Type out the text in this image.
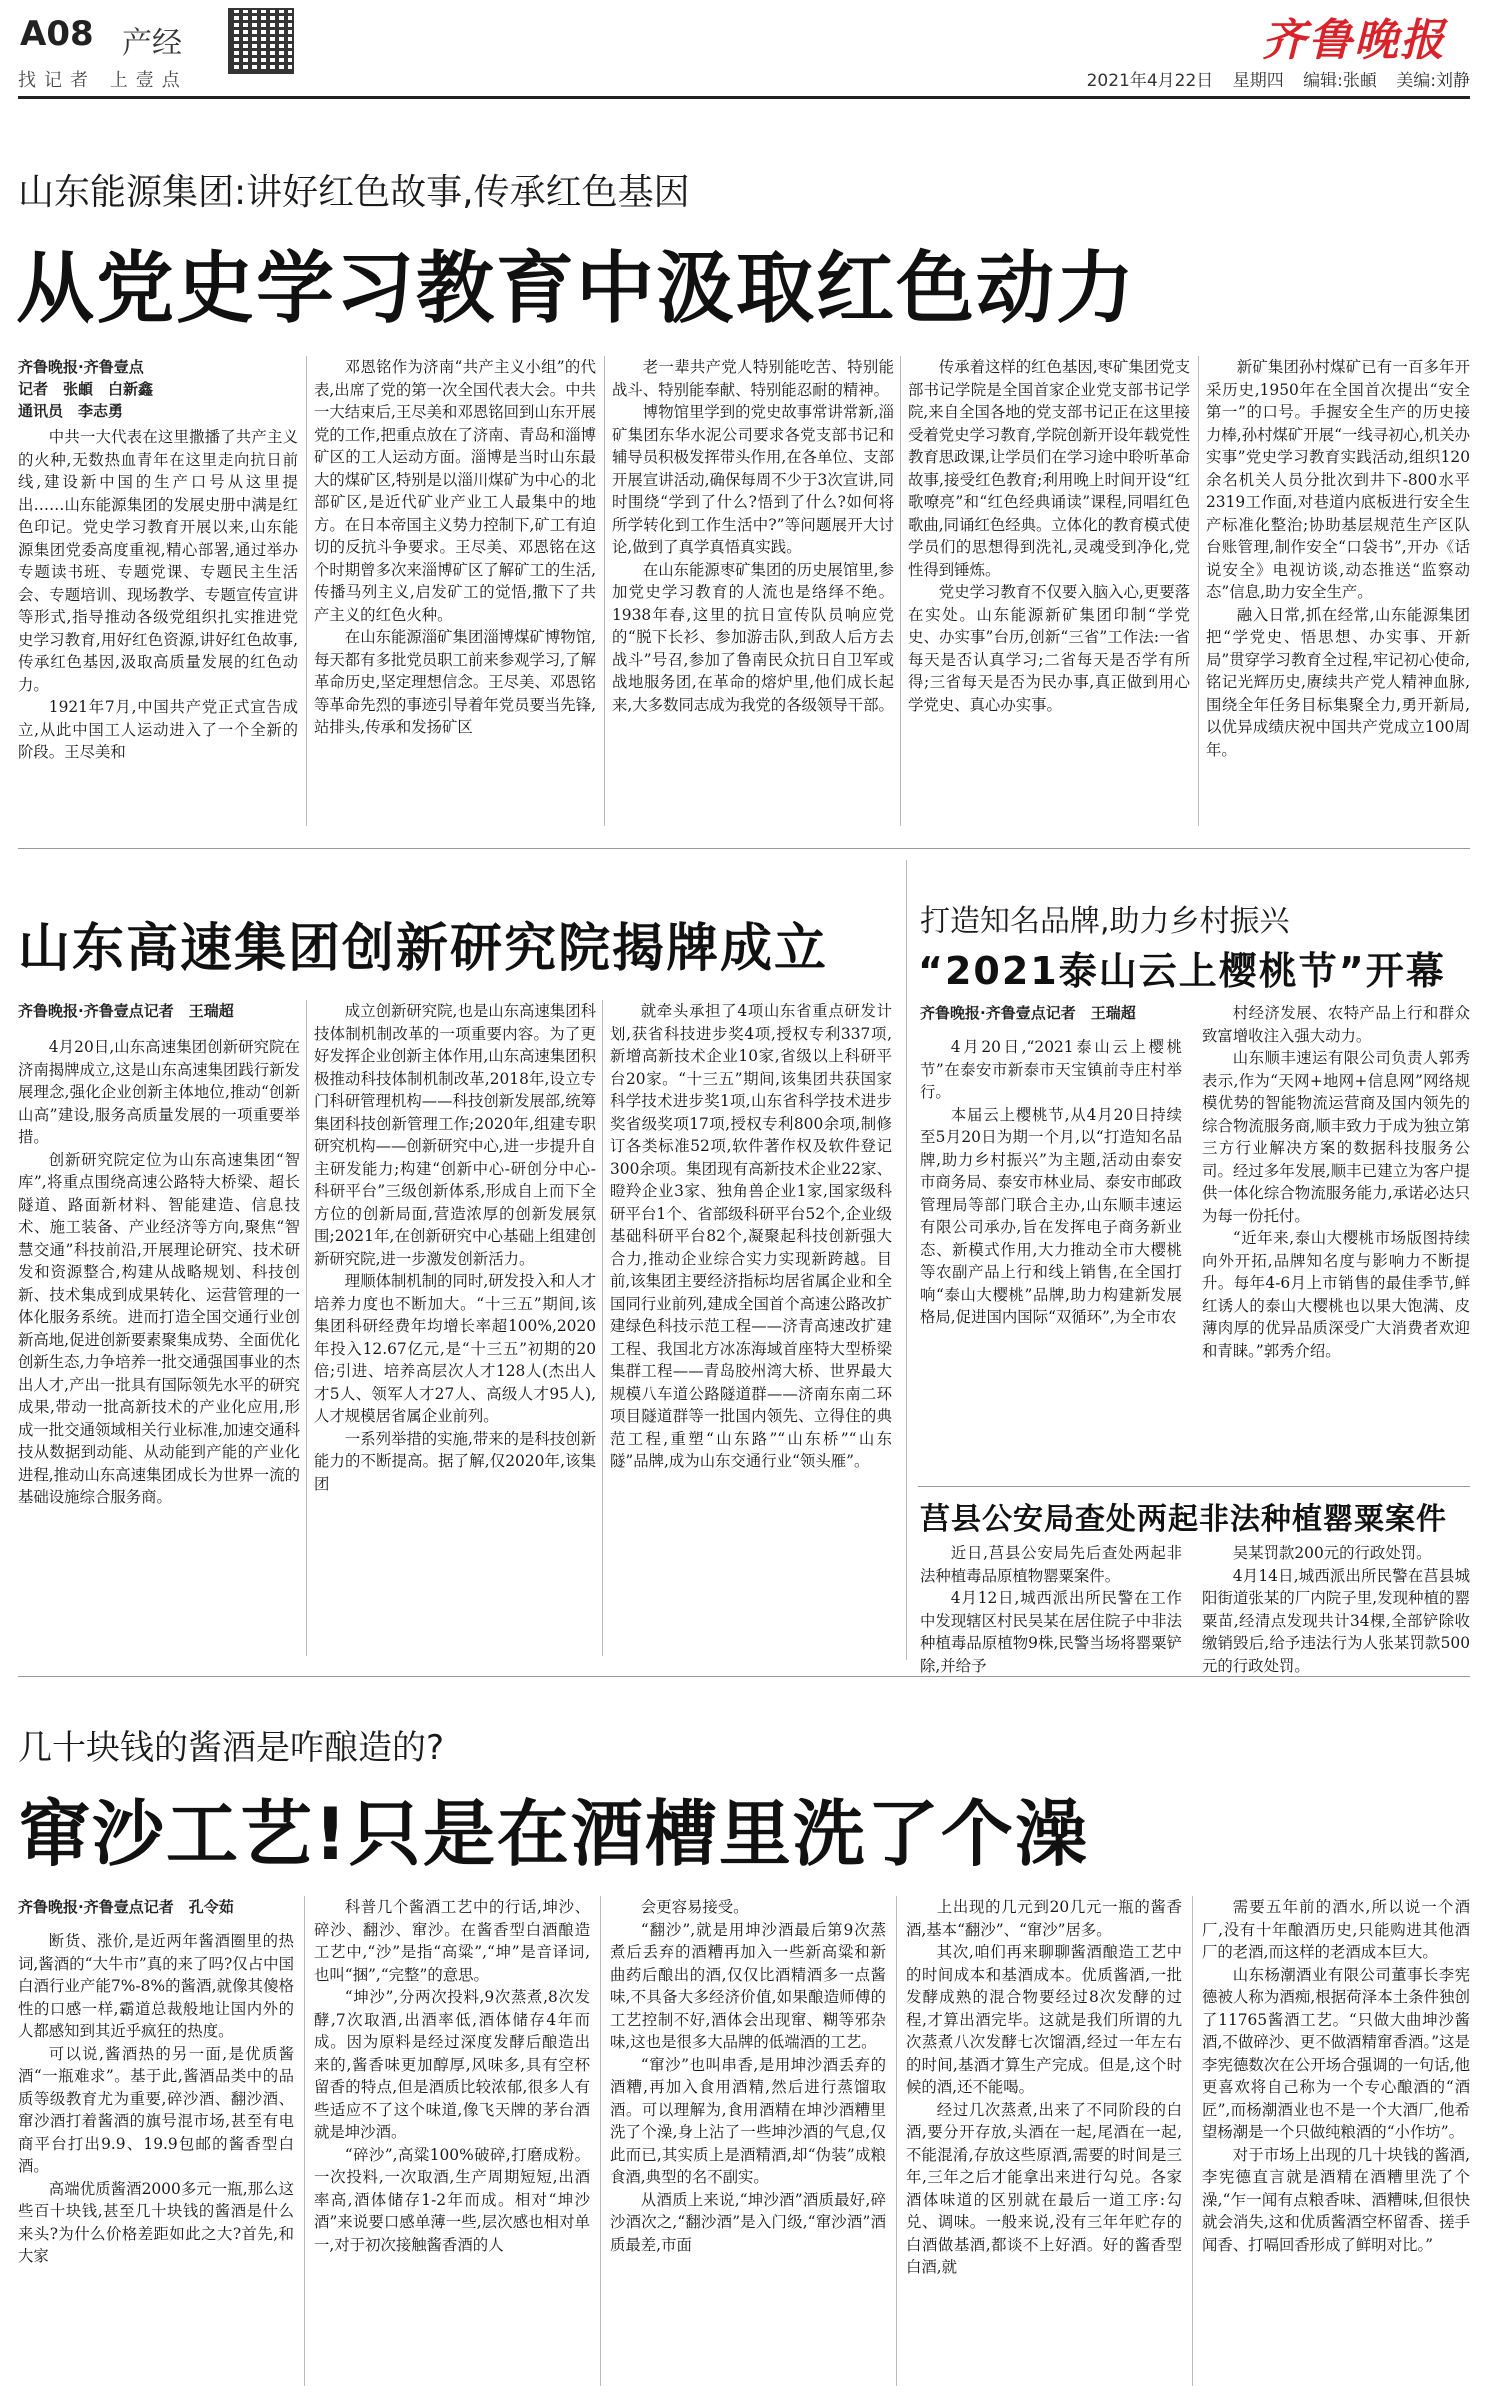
A08 产经
找记者 上壹点
齐鲁晚报
2021年4月22日 星期四 编辑:张頔 美编:刘静
山东能源集团:讲好红色故事,传承红色基因
从党史学习教育中汲取红色动力
齐鲁晚报·齐鲁壹点
记者　张頔　白新鑫
通讯员　李志勇

中共一大代表在这里撒播了共产主义的火种,无数热血青年在这里走向抗日前线,建设新中国的生产口号从这里提出……山东能源集团的发展史册中满是红色印记。党史学习教育开展以来,山东能源集团党委高度重视,精心部署,通过举办专题读书班、专题党课、专题民主生活会、专题培训、现场教学、专题宣传宣讲等形式,指导推动各级党组织扎实推进党史学习教育,用好红色资源,讲好红色故事,传承红色基因,汲取高质量发展的红色动力。

1921年7月,中国共产党正式宣告成立,从此中国工人运动进入了一个全新的阶段。王尽美和

邓恩铭作为济南“共产主义小组”的代表,出席了党的第一次全国代表大会。中共一大结束后,王尽美和邓恩铭回到山东开展党的工作,把重点放在了济南、青岛和淄博矿区的工人运动方面。淄博是当时山东最大的煤矿区,特别是以淄川煤矿为中心的北部矿区,是近代矿业产业工人最集中的地方。在日本帝国主义势力控制下,矿工有迫切的反抗斗争要求。王尽美、邓恩铭在这个时期曾多次来淄博矿区了解矿工的生活,传播马列主义,启发矿工的觉悟,撒下了共产主义的红色火种。

在山东能源淄矿集团淄博煤矿博物馆,每天都有多批党员职工前来参观学习,了解革命历史,坚定理想信念。王尽美、邓恩铭等革命先烈的事迹引导着年党员要当先锋,站排头,传承和发扬矿区

老一辈共产党人特别能吃苦、特别能战斗、特别能奉献、特别能忍耐的精神。

博物馆里学到的党史故事常讲常新,淄矿集团东华水泥公司要求各党支部书记和辅导员积极发挥带头作用,在各单位、支部开展宣讲活动,确保每周不少于3次宣讲,同时围绕“学到了什么?悟到了什么?如何将所学转化到工作生活中?”等问题展开大讨论,做到了真学真悟真实践。

在山东能源枣矿集团的历史展馆里,参加党史学习教育的人流也是络绎不绝。1938年春,这里的抗日宣传队员响应党的“脱下长衫、参加游击队,到敌人后方去战斗”号召,参加了鲁南民众抗日自卫军或战地服务团,在革命的熔炉里,他们成长起来,大多数同志成为我党的各级领导干部。

传承着这样的红色基因,枣矿集团党支部书记学院是全国首家企业党支部书记学院,来自全国各地的党支部书记正在这里接受着党史学习教育,学院创新开设年载党性教育思政课,让学员们在学习途中聆听革命故事,接受红色教育;利用晚上时间开设“红歌嘹亮”和“红色经典诵读”课程,同唱红色歌曲,同诵红色经典。立体化的教育模式使学员们的思想得到洗礼,灵魂受到净化,党性得到锤炼。

党史学习教育不仅要入脑入心,更要落在实处。山东能源新矿集团印制“学党史、办实事”台历,创新“三省”工作法:一省每天是否认真学习;二省每天是否学有所得;三省每天是否为民办事,真正做到用心学党史、真心办实事。

新矿集团孙村煤矿已有一百多年开采历史,1950年在全国首次提出“安全第一”的口号。手握安全生产的历史接力棒,孙村煤矿开展“一线寻初心,机关办实事”党史学习教育实践活动,组织120余名机关人员分批次到井下-800水平2319工作面,对巷道内底板进行安全生产标准化整治;协助基层规范生产区队台账管理,制作安全“口袋书”,开办《话说安全》电视访谈,动态推送“监察动态”信息,助力安全生产。

融入日常,抓在经常,山东能源集团把“学党史、悟思想、办实事、开新局”贯穿学习教育全过程,牢记初心使命,铭记光辉历史,赓续共产党人精神血脉,围绕全年任务目标集聚全力,勇开新局,以优异成绩庆祝中国共产党成立100周年。

山东高速集团创新研究院揭牌成立
齐鲁晚报·齐鲁壹点记者　王瑞超

4月20日,山东高速集团创新研究院在济南揭牌成立,这是山东高速集团践行新发展理念,强化企业创新主体地位,推动“创新山高”建设,服务高质量发展的一项重要举措。

创新研究院定位为山东高速集团“智库”,将重点围绕高速公路特大桥梁、超长隧道、路面新材料、智能建造、信息技术、施工装备、产业经济等方向,聚焦“智慧交通”科技前沿,开展理论研究、技术研发和资源整合,构建从战略规划、科技创新、技术集成到成果转化、运营管理的一体化服务系统。进而打造全国交通行业创新高地,促进创新要素聚集成势、全面优化创新生态,力争培养一批交通强国事业的杰出人才,产出一批具有国际领先水平的研究成果,带动一批高新技术的产业化应用,形成一批交通领域相关行业标准,加速交通科技从数据到动能、从动能到产能的产业化进程,推动山东高速集团成长为世界一流的基础设施综合服务商。

成立创新研究院,也是山东高速集团科技体制机制改革的一项重要内容。为了更好发挥企业创新主体作用,山东高速集团积极推动科技体制机制改革,2018年,设立专门科研管理机构——科技创新发展部,统筹集团科技创新管理工作;2020年,组建专职研究机构——创新研究中心,进一步提升自主研发能力;构建“创新中心-研创分中心-科研平台”三级创新体系,形成自上而下全方位的创新局面,营造浓厚的创新发展氛围;2021年,在创新研究中心基础上组建创新研究院,进一步激发创新活力。

理顺体制机制的同时,研发投入和人才培养力度也不断加大。“十三五”期间,该集团科研经费年均增长率超100%,2020年投入12.67亿元,是“十三五”初期的20倍;引进、培养高层次人才128人(杰出人才5人、领军人才27人、高级人才95人),人才规模居省属企业前列。

一系列举措的实施,带来的是科技创新能力的不断提高。据了解,仅2020年,该集团

就牵头承担了4项山东省重点研发计划,获省科技进步奖4项,授权专利337项,新增高新技术企业10家,省级以上科研平台20家。“十三五”期间,该集团共获国家科学技术进步奖1项,山东省科学技术进步奖省级奖项17项,授权专利800余项,制修订各类标准52项,软件著作权及软件登记300余项。集团现有高新技术企业22家、瞪羚企业3家、独角兽企业1家,国家级科研平台1个、省部级科研平台52个,企业级基础科研平台82个,凝聚起科技创新强大合力,推动企业综合实力实现新跨越。目前,该集团主要经济指标均居省属企业和全国同行业前列,建成全国首个高速公路改扩建绿色科技示范工程——济青高速改扩建工程、我国北方冰冻海域首座特大型桥梁集群工程——青岛胶州湾大桥、世界最大规模八车道公路隧道群——济南东南二环项目隧道群等一批国内领先、立得住的典范工程,重塑“山东路”“山东桥”“山东隧”品牌,成为山东交通行业“领头雁”。

打造知名品牌,助力乡村振兴
“2021泰山云上樱桃节”开幕
齐鲁晚报·齐鲁壹点记者　王瑞超

4月20日,“2021泰山云上樱桃节”在泰安市新泰市天宝镇前寺庄村举行。

本届云上樱桃节,从4月20日持续至5月20日为期一个月,以“打造知名品牌,助力乡村振兴”为主题,活动由泰安市商务局、泰安市林业局、泰安市邮政管理局等部门联合主办,山东顺丰速运有限公司承办,旨在发挥电子商务新业态、新模式作用,大力推动全市大樱桃等农副产品上行和线上销售,在全国打响“泰山大樱桃”品牌,助力构建新发展格局,促进国内国际“双循环”,为全市农

村经济发展、农特产品上行和群众致富增收注入强大动力。

山东顺丰速运有限公司负责人郭秀表示,作为“天网+地网+信息网”网络规模优势的智能物流运营商及国内领先的综合物流服务商,顺丰致力于成为独立第三方行业解决方案的数据科技服务公司。经过多年发展,顺丰已建立为客户提供一体化综合物流服务能力,承诺必达只为每一份托付。

“近年来,泰山大樱桃市场版图持续向外开拓,品牌知名度与影响力不断提升。每年4-6月上市销售的最佳季节,鲜红诱人的泰山大樱桃也以果大饱满、皮薄肉厚的优异品质深受广大消费者欢迎和青睐。”郭秀介绍。

莒县公安局查处两起非法种植罂粟案件

近日,莒县公安局先后查处两起非法种植毒品原植物罂粟案件。

4月12日,城西派出所民警在工作中发现辖区村民吴某在居住院子中非法种植毒品原植物9株,民警当场将罂粟铲除,并给予

吴某罚款200元的行政处罚。

4月14日,城西派出所民警在莒县城阳街道张某的厂内院子里,发现种植的罂粟苗,经清点发现共计34棵,全部铲除收缴销毁后,给予违法行为人张某罚款500元的行政处罚。

几十块钱的酱酒是咋酿造的?
窜沙工艺!只是在酒槽里洗了个澡
齐鲁晚报·齐鲁壹点记者　孔令茹

断货、涨价,是近两年酱酒圈里的热词,酱酒的“大牛市”真的来了吗?仅占中国白酒行业产能7%-8%的酱酒,就像其傻格性的口感一样,霸道总裁般地让国内外的人都感知到其近乎疯狂的热度。

可以说,酱酒热的另一面,是优质酱酒“一瓶难求”。基于此,酱酒品类中的品质等级教育尤为重要,碎沙酒、翻沙酒、窜沙酒打着酱酒的旗号混市场,甚至有电商平台打出9.9、19.9包邮的酱香型白酒。

高端优质酱酒2000多元一瓶,那么这些百十块钱,甚至几十块钱的酱酒是什么来头?为什么价格差距如此之大?首先,和大家

科普几个酱酒工艺中的行话,坤沙、碎沙、翻沙、窜沙。在酱香型白酒酿造工艺中,“沙”是指“高粱”,“坤”是音译词,也叫“捆”,“完整”的意思。

“坤沙”,分两次投料,9次蒸煮,8次发酵,7次取酒,出酒率低,酒体储存4年而成。因为原料是经过深度发酵后酿造出来的,酱香味更加醇厚,风味多,具有空杯留香的特点,但是酒质比较浓郁,很多人有些适应不了这个味道,像飞天牌的茅台酒就是坤沙酒。

“碎沙”,高粱100%破碎,打磨成粉。一次投料,一次取酒,生产周期短短,出酒率高,酒体储存1-2年而成。相对“坤沙酒”来说要口感单薄一些,层次感也相对单一,对于初次接触酱香酒的人

会更容易接受。

“翻沙”,就是用坤沙酒最后第9次蒸煮后丢弃的酒糟再加入一些新高粱和新曲药后酿出的酒,仅仅比酒精酒多一点酱味,不具备大多经济价值,如果酿造师傅的工艺控制不好,酒体会出现窜、糊等邪杂味,这也是很多大品牌的低端酒的工艺。

“窜沙”也叫串香,是用坤沙酒丢弃的酒糟,再加入食用酒精,然后进行蒸馏取酒。可以理解为,食用酒精在坤沙酒糟里洗了个澡,身上沾了一些坤沙酒的气息,仅此而已,其实质上是酒精酒,却“伪装”成粮食酒,典型的名不副实。

从酒质上来说,“坤沙酒”酒质最好,碎沙酒次之,“翻沙酒”是入门级,“窜沙酒”酒质最差,市面

上出现的几元到20几元一瓶的酱香酒,基本“翻沙”、“窜沙”居多。

其次,咱们再来聊聊酱酒酿造工艺中的时间成本和基酒成本。优质酱酒,一批发酵成熟的混合物要经过8次发酵的过程,才算出酒完毕。这就是我们所谓的九次蒸煮八次发酵七次馏酒,经过一年左右的时间,基酒才算生产完成。但是,这个时候的酒,还不能喝。

经过几次蒸煮,出来了不同阶段的白酒,要分开存放,头酒在一起,尾酒在一起,不能混淆,存放这些原酒,需要的时间是三年,三年之后才能拿出来进行勾兑。各家酒体味道的区别就在最后一道工序:勾兑、调味。一般来说,没有三年年贮存的白酒做基酒,都谈不上好酒。好的酱香型白酒,就

需要五年前的酒水,所以说一个酒厂,没有十年酿酒历史,只能购进其他酒厂的老酒,而这样的老酒成本巨大。

山东杨潮酒业有限公司董事长李宪德被人称为酒痴,根据荷泽本土条件独创了11765酱酒工艺。“只做大曲坤沙酱酒,不做碎沙、更不做酒精窜香酒。”这是李宪德数次在公开场合强调的一句话,他更喜欢将自己称为一个专心酿酒的“酒匠”,而杨潮酒业也不是一个大酒厂,他希望杨潮是一个只做纯粮酒的“小作坊”。

对于市场上出现的几十块钱的酱酒,李宪德直言就是酒精在酒糟里洗了个澡,“乍一闻有点粮香味、酒糟味,但很快就会消失,这和优质酱酒空杯留香、搓手闻香、打嗝回香形成了鲜明对比。”
